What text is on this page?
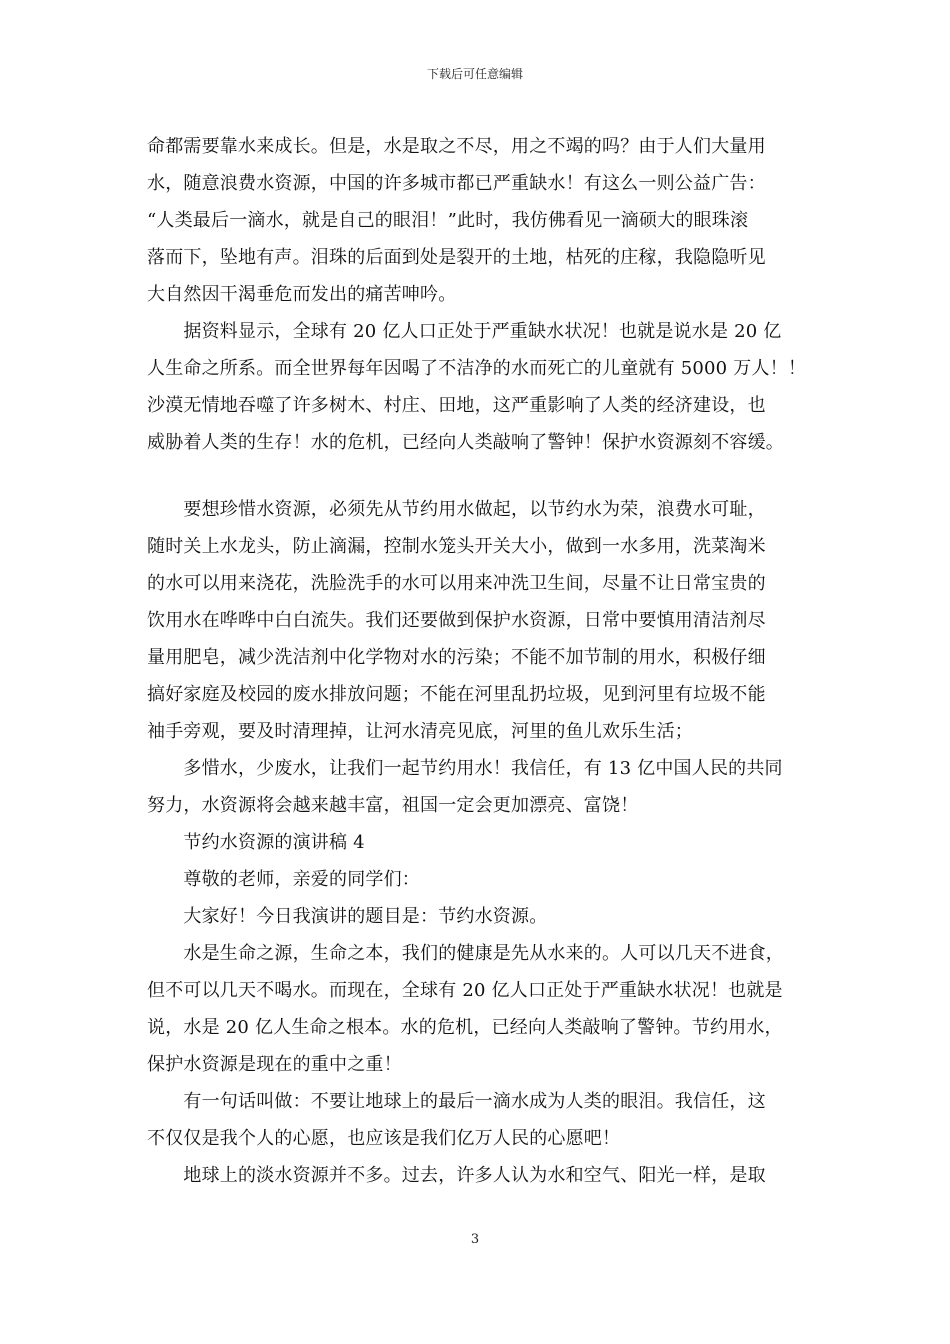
下载后可任意编辑
命都需要靠水来成长。但是，水是取之不尽，用之不竭的吗？由于人们大量用
水，随意浪费水资源，中国的许多城市都已严重缺水！有这么一则公益广告：
“人类最后一滴水，就是自己的眼泪！”此时，我仿佛看见一滴硕大的眼珠滚
落而下，坠地有声。泪珠的后面到处是裂开的土地，枯死的庄稼，我隐隐听见
大自然因干渴垂危而发出的痛苦呻吟。
　　据资料显示，全球有 20 亿人口正处于严重缺水状况！也就是说水是 20 亿
人生命之所系。而全世界每年因喝了不洁净的水而死亡的儿童就有 5000 万人！！
沙漠无情地吞噬了许多树木、村庄、田地，这严重影响了人类的经济建设，也
威胁着人类的生存！水的危机，已经向人类敲响了警钟！保护水资源刻不容缓。
　　要想珍惜水资源，必须先从节约用水做起，以节约水为荣，浪费水可耻，
随时关上水龙头，防止滴漏，控制水笼头开关大小，做到一水多用，洗菜淘米
的水可以用来浇花，洗脸洗手的水可以用来冲洗卫生间，尽量不让日常宝贵的
饮用水在哗哗中白白流失。我们还要做到保护水资源，日常中要慎用清洁剂尽
量用肥皂，减少洗洁剂中化学物对水的污染；不能不加节制的用水，积极仔细
搞好家庭及校园的废水排放问题；不能在河里乱扔垃圾，见到河里有垃圾不能
袖手旁观，要及时清理掉，让河水清亮见底，河里的鱼儿欢乐生活；
　　多惜水，少废水，让我们一起节约用水！我信任，有 13 亿中国人民的共同
努力，水资源将会越来越丰富，祖国一定会更加漂亮、富饶！
　　节约水资源的演讲稿 4
　　尊敬的老师，亲爱的同学们：
　　大家好！今日我演讲的题目是：节约水资源。
　　水是生命之源，生命之本，我们的健康是先从水来的。人可以几天不进食，
但不可以几天不喝水。而现在，全球有 20 亿人口正处于严重缺水状况！也就是
说，水是 20 亿人生命之根本。水的危机，已经向人类敲响了警钟。节约用水，
保护水资源是现在的重中之重！
　　有一句话叫做：不要让地球上的最后一滴水成为人类的眼泪。我信任，这
不仅仅是我个人的心愿，也应该是我们亿万人民的心愿吧！
　　地球上的淡水资源并不多。过去，许多人认为水和空气、阳光一样，是取
3
